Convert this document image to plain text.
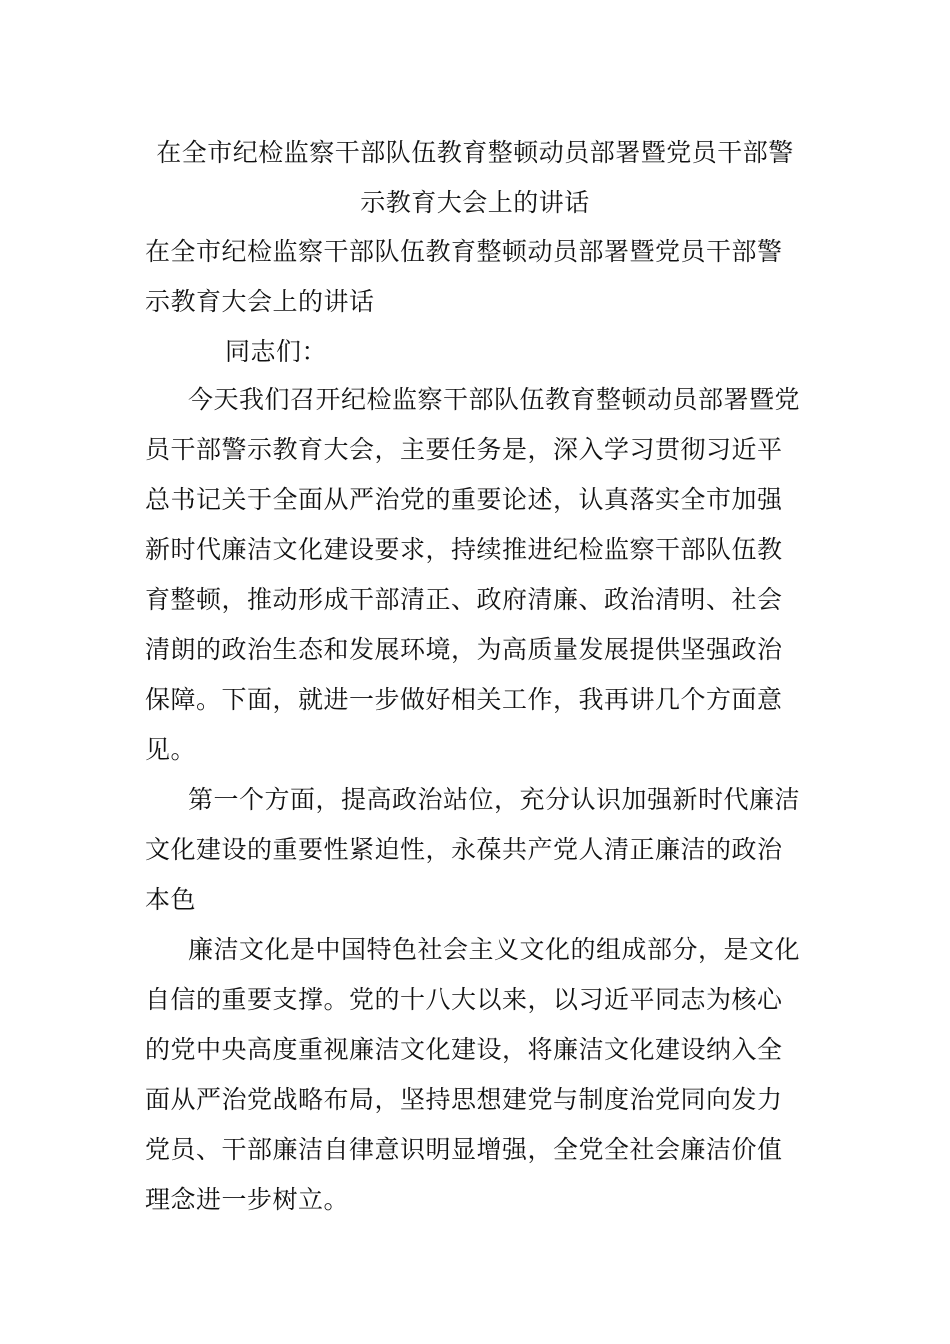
在全市纪检监察干部队伍教育整顿动员部署暨党员干部警
示教育大会上的讲话

在全市纪检监察干部队伍教育整顿动员部署暨党员干部警

示教育大会上的讲话

同志们：

今天我们召开纪检监察干部队伍教育整顿动员部署暨党

员干部警示教育大会，主要任务是，深入学习贯彻习近平

总书记关于全面从严治党的重要论述，认真落实全市加强

新时代廉洁文化建设要求，持续推进纪检监察干部队伍教

育整顿，推动形成干部清正、政府清廉、政治清明、社会

清朗的政治生态和发展环境，为高质量发展提供坚强政治

保障。下面，就进一步做好相关工作，我再讲几个方面意

见。

第一个方面，提高政治站位，充分认识加强新时代廉洁

文化建设的重要性紧迫性，永葆共产党人清正廉洁的政治

本色

廉洁文化是中国特色社会主义文化的组成部分，是文化

自信的重要支撑。党的十八大以来，以习近平同志为核心

的党中央高度重视廉洁文化建设，将廉洁文化建设纳入全

面从严治党战略布局，坚持思想建党与制度治党同向发力

党员、干部廉洁自律意识明显增强，全党全社会廉洁价值

理念进一步树立。
